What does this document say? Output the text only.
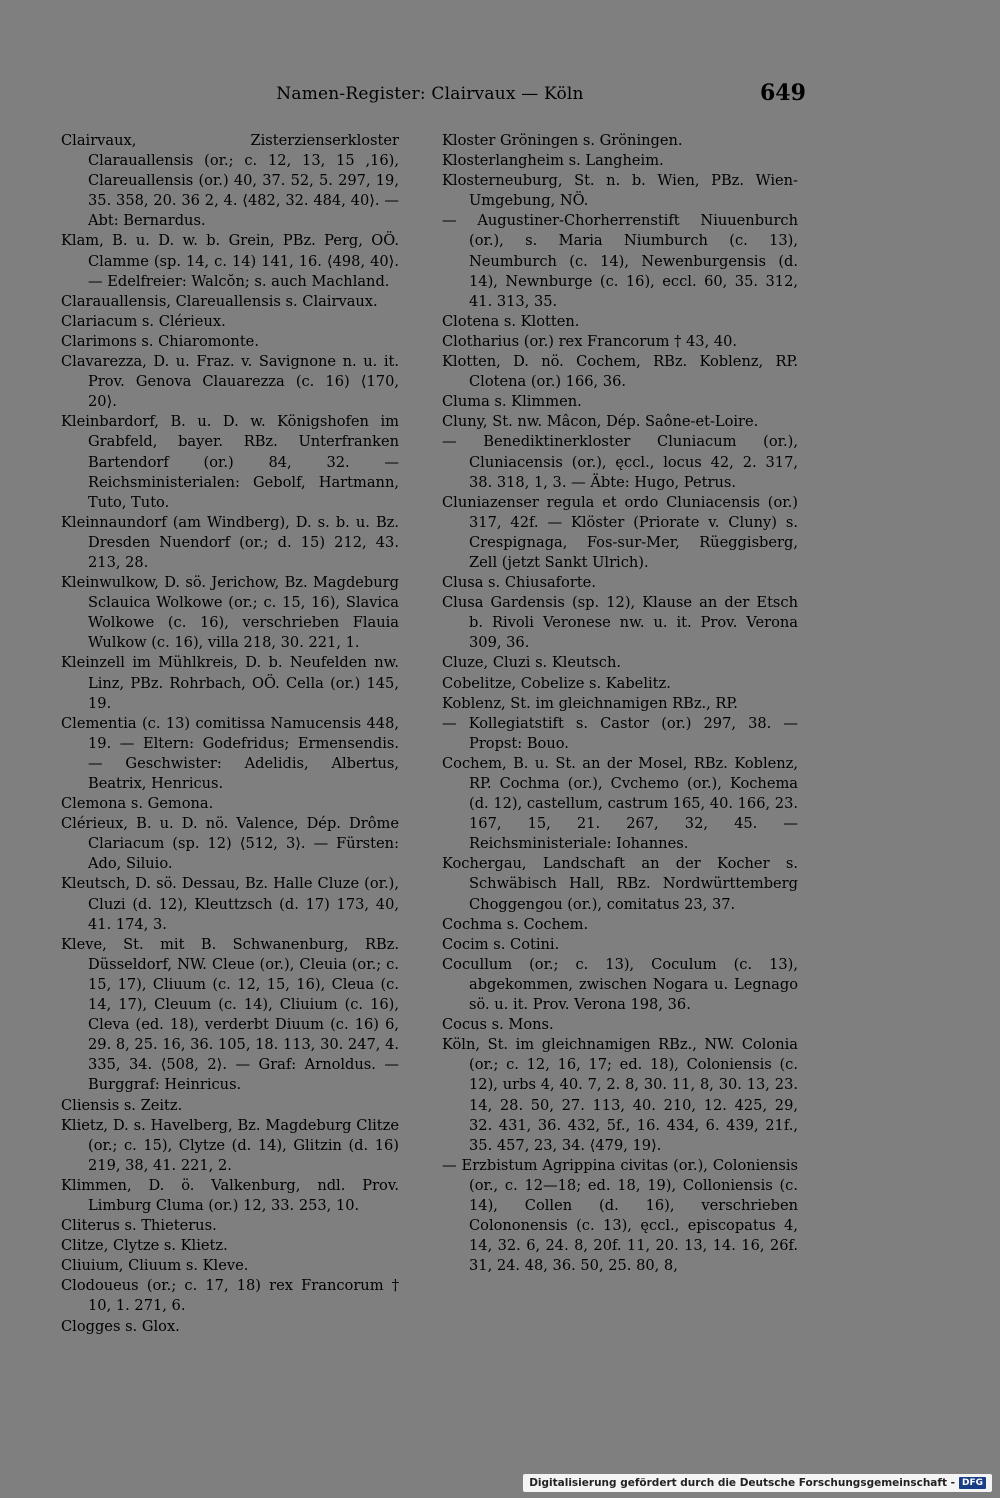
Namen-Register: Clairvaux — Köln	649

Clairvaux, Zisterzienserkloster Clarauallensis (or.; c. 12, 13, 15 ,16), Clareuallensis (or.) 40, 37. 52, 5. 297, 19, 35. 358, 20. 36 2, 4. ⟨482, 32. 484, 40⟩. — Abt: Bernardus.

Klam, B. u. D. w. b. Grein, PBz. Perg, OÖ. Clamme (sp. 14, c. 14) 141, 16. ⟨498, 40⟩. — Edelfreier: Walcŏn; s. auch Machland.

Clarauallensis, Clareuallensis s. Clairvaux.

Clariacum s. Clérieux.

Clarimons s. Chiaromonte.

Clavarezza, D. u. Fraz. v. Savignone n. u. it. Prov. Genova Clauarezza (c. 16) ⟨170, 20⟩.

Kleinbardorf, B. u. D. w. Königshofen im Grabfeld, bayer. RBz. Unterfranken Bartendorf (or.) 84, 32. — Reichsministerialen: Gebolf, Hartmann, Tuto, Tuto.

Kleinnaundorf (am Windberg), D. s. b. u. Bz. Dresden Nuendorf (or.; d. 15) 212, 43. 213, 28.

Kleinwulkow, D. sö. Jerichow, Bz. Magdeburg Sclauica Wolkowe (or.; c. 15, 16), Slavica Wolkowe (c. 16), verschrieben Flauia Wulkow (c. 16), villa 218, 30. 221, 1.

Kleinzell im Mühlkreis, D. b. Neufelden nw. Linz, PBz. Rohrbach, OÖ. Cella (or.) 145, 19.

Clementia (c. 13) comitissa Namucensis 448, 19. — Eltern: Godefridus; Ermensendis. — Geschwister: Adelidis, Albertus, Beatrix, Henricus.

Clemona s. Gemona.

Clérieux, B. u. D. nö. Valence, Dép. Drôme Clariacum (sp. 12) ⟨512, 3⟩. — Fürsten: Ado, Siluio.

Kleutsch, D. sö. Dessau, Bz. Halle Cluze (or.), Cluzi (d. 12), Kleuttzsch (d. 17) 173, 40, 41. 174, 3.

Kleve, St. mit B. Schwanenburg, RBz. Düsseldorf, NW. Cleue (or.), Cleuia (or.; c. 15, 17), Cliuum (c. 12, 15, 16), Cleua (c. 14, 17), Cleuum (c. 14), Cliuium (c. 16), Cleva (ed. 18), verderbt Diuum (c. 16) 6, 29. 8, 25. 16, 36. 105, 18. 113, 30. 247, 4. 335, 34. ⟨508, 2⟩. — Graf: Arnoldus. — Burggraf: Heinricus.

Cliensis s. Zeitz.

Klietz, D. s. Havelberg, Bz. Magdeburg Clitze (or.; c. 15), Clytze (d. 14), Glitzin (d. 16) 219, 38, 41. 221, 2.

Klimmen, D. ö. Valkenburg, ndl. Prov. Limburg Cluma (or.) 12, 33. 253, 10.

Cliterus s. Thieterus.

Clitze, Clytze s. Klietz.

Cliuium, Cliuum s. Kleve.

Clodoueus (or.; c. 17, 18) rex Francorum † 10, 1. 271, 6.

Clogges s. Glox.

Kloster Gröningen s. Gröningen.

Klosterlangheim s. Langheim.

Klosterneuburg, St. n. b. Wien, PBz. Wien-Umgebung, NÖ.

— Augustiner-Chorherrenstift Niuuenburch (or.), s. Maria Niumburch (c. 13), Neumburch (c. 14), Newenburgensis (d. 14), Newnburge (c. 16), eccl. 60, 35. 312, 41. 313, 35.

Clotena s. Klotten.

Clotharius (or.) rex Francorum † 43, 40.

Klotten, D. nö. Cochem, RBz. Koblenz, RP. Clotena (or.) 166, 36.

Cluma s. Klimmen.

Cluny, St. nw. Mâcon, Dép. Saône-et-Loire.

— Benediktinerkloster Cluniacum (or.), Cluniacensis (or.), ęccl., locus 42, 2. 317, 38. 318, 1, 3. — Äbte: Hugo, Petrus.

Cluniazenser regula et ordo Cluniacensis (or.) 317, 42f. — Klöster (Priorate v. Cluny) s. Crespignaga, Fos-sur-Mer, Rüeggisberg, Zell (jetzt Sankt Ulrich).

Clusa s. Chiusaforte.

Clusa Gardensis (sp. 12), Klause an der Etsch b. Rivoli Veronese nw. u. it. Prov. Verona 309, 36.

Cluze, Cluzi s. Kleutsch.

Cobelitze, Cobelize s. Kabelitz.

Koblenz, St. im gleichnamigen RBz., RP.

— Kollegiatstift s. Castor (or.) 297, 38. — Propst: Bouo.

Cochem, B. u. St. an der Mosel, RBz. Koblenz, RP. Cochma (or.), Cvchemo (or.), Kochema (d. 12), castellum, castrum 165, 40. 166, 23. 167, 15, 21. 267, 32, 45. — Reichsministeriale: Iohannes.

Kochergau, Landschaft an der Kocher s. Schwäbisch Hall, RBz. Nordwürttemberg Choggengou (or.), comitatus 23, 37.

Cochma s. Cochem.

Cocim s. Cotini.

Cocullum (or.; c. 13), Coculum (c. 13), abgekommen, zwischen Nogara u. Legnago sö. u. it. Prov. Verona 198, 36.

Cocus s. Mons.

Köln, St. im gleichnamigen RBz., NW. Colonia (or.; c. 12, 16, 17; ed. 18), Coloniensis (c. 12), urbs 4, 40. 7, 2. 8, 30. 11, 8, 30. 13, 23. 14, 28. 50, 27. 113, 40. 210, 12. 425, 29, 32. 431, 36. 432, 5f., 16. 434, 6. 439, 21f., 35. 457, 23, 34. ⟨479, 19⟩.

— Erzbistum Agrippina civitas (or.), Coloniensis (or., c. 12—18; ed. 18, 19), Colloniensis (c. 14), Collen (d. 16), verschrieben Colononensis (c. 13), ęccl., episcopatus 4, 14, 32. 6, 24. 8, 20f. 11, 20. 13, 14. 16, 26f. 31, 24. 48, 36. 50, 25. 80, 8,

Digitalisierung gefördert durch die Deutsche Forschungsgemeinschaft - DFG
